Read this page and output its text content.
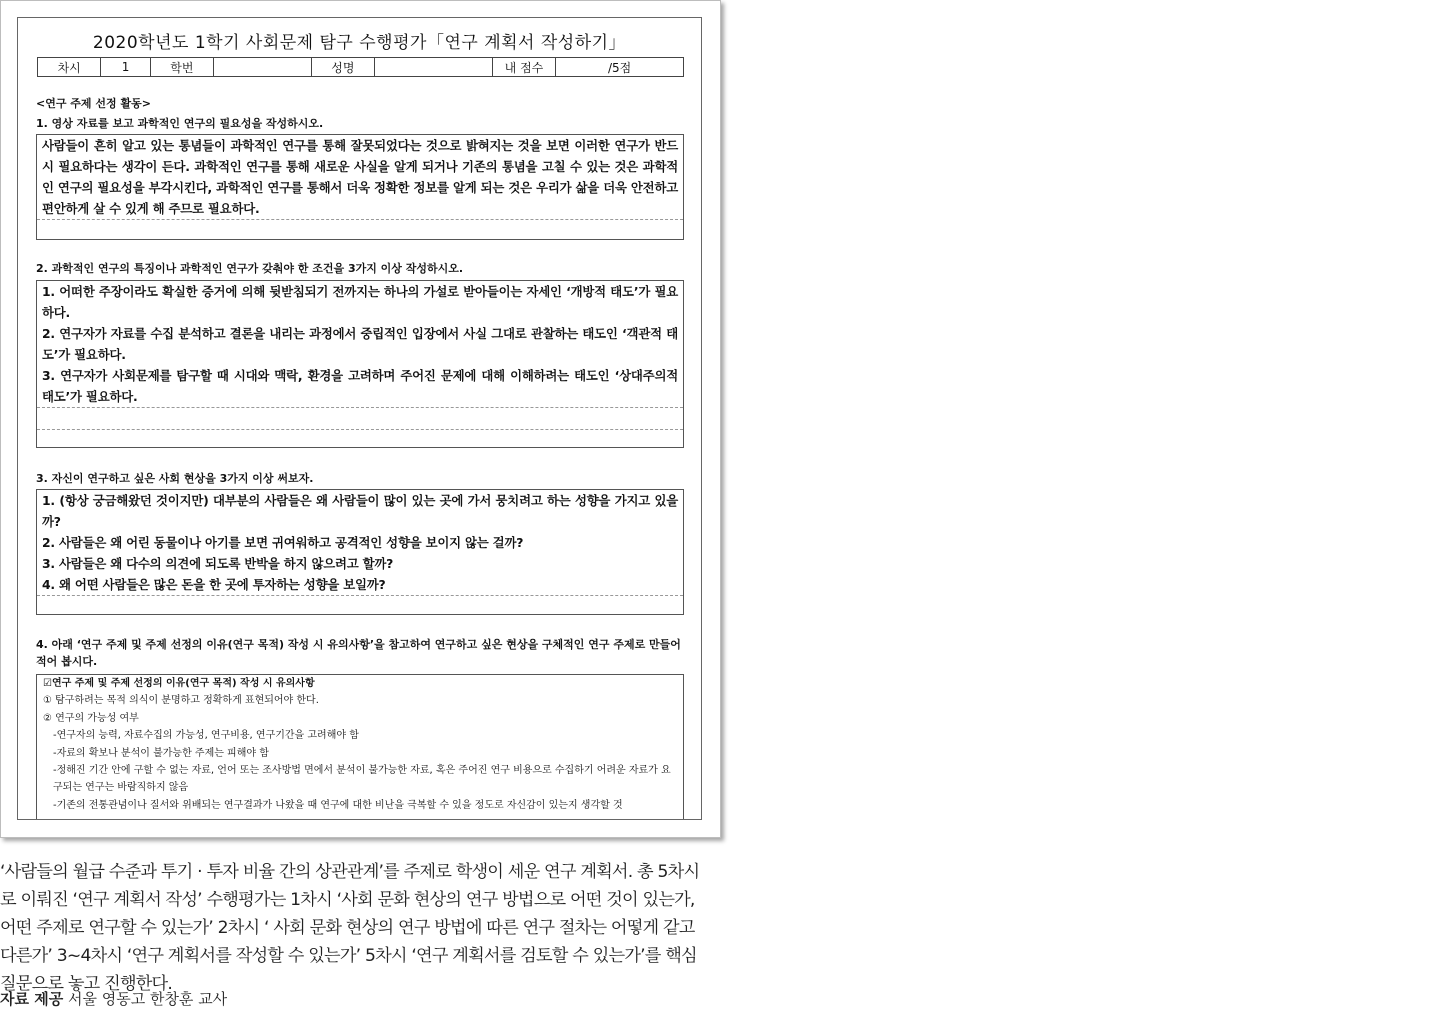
2020학년도 1학기 사회문제 탐구 수행평가「연구 계획서 작성하기」
차시	1	학번		성명		내 점수	/5점
<연구 주제 선정 활동>
1. 영상 자료를 보고 과학적인 연구의 필요성을 작성하시오.
사람들이 흔히 알고 있는 통념들이 과학적인 연구를 통해 잘못되었다는 것으로 밝혀지는 것을 보면 이러한 연구가 반드시 필요하다는 생각이 든다. 과학적인 연구를 통해 새로운 사실을 알게 되거나 기존의 통념을 고칠 수 있는 것은 과학적인 연구의 필요성을 부각시킨다, 과학적인 연구를 통해서 더욱 정확한 정보를 알게 되는 것은 우리가 삶을 더욱 안전하고 편안하게 살 수 있게 해 주므로 필요하다.
2. 과학적인 연구의 특징이나 과학적인 연구가 갖춰야 한 조건을 3가지 이상 작성하시오.
1. 어떠한 주장이라도 확실한 증거에 의해 뒷받침되기 전까지는 하나의 가설로 받아들이는 자세인 ‘개방적 태도’가 필요하다.
2. 연구자가 자료를 수집 분석하고 결론을 내리는 과정에서 중립적인 입장에서 사실 그대로 관찰하는 태도인 ‘객관적 태도’가 필요하다.
3. 연구자가 사회문제를 탐구할 때 시대와 맥락, 환경을 고려하며 주어진 문제에 대해 이해하려는 태도인 ‘상대주의적 태도’가 필요하다.
3. 자신이 연구하고 싶은 사회 현상을 3가지 이상 써보자.
1. (항상 궁금해왔던 것이지만) 대부분의 사람들은 왜 사람들이 많이 있는 곳에 가서 뭉치려고 하는 성향을 가지고 있을까?
2. 사람들은 왜 어린 동물이나 아기를 보면 귀여워하고 공격적인 성향을 보이지 않는 걸까?
3. 사람들은 왜 다수의 의견에 되도록 반박을 하지 않으려고 할까?
4. 왜 어떤 사람들은 많은 돈을 한 곳에 투자하는 성향을 보일까?
4. 아래 ‘연구 주제 및 주제 선정의 이유(연구 목적) 작성 시 유의사항’을 참고하여 연구하고 싶은 현상을 구체적인 연구 주제로 만들어 적어 봅시다.
☑연구 주제 및 주제 선정의 이유(연구 목적) 작성 시 유의사항
① 탐구하려는 목적 의식이 분명하고 정확하게 표현되어야 한다.
② 연구의 가능성 여부
-연구자의 능력, 자료수집의 가능성, 연구비용, 연구기간을 고려해야 함
-자료의 확보나 분석이 불가능한 주제는 피해야 함
-정해진 기간 안에 구할 수 없는 자료, 언어 또는 조사방법 면에서 분석이 불가능한 자료, 혹은 주어진 연구 비용으로 수집하기 어려운 자료가 요구되는 연구는 바람직하지 않음
-기존의 전통관념이나 질서와 위배되는 연구결과가 나왔을 때 연구에 대한 비난을 극복할 수 있을 정도로 자신감이 있는지 생각할 것
‘사람들의 월급 수준과 투기 · 투자 비율 간의 상관관계’를 주제로 학생이 세운 연구 계획서. 총 5차시로 이뤄진 ‘연구 계획서 작성’ 수행평가는 1차시 ‘사회 문화 현상의 연구 방법으로 어떤 것이 있는가, 어떤 주제로 연구할 수 있는가’ 2차시 ‘ 사회 문화 현상의 연구 방법에 따른 연구 절차는 어떻게 같고 다른가’ 3~4차시 ‘연구 계획서를 작성할 수 있는가’ 5차시 ‘연구 계획서를 검토할 수 있는가’를 핵심 질문으로 놓고 진행한다.
자료 제공 서울 영동고 한창훈 교사
